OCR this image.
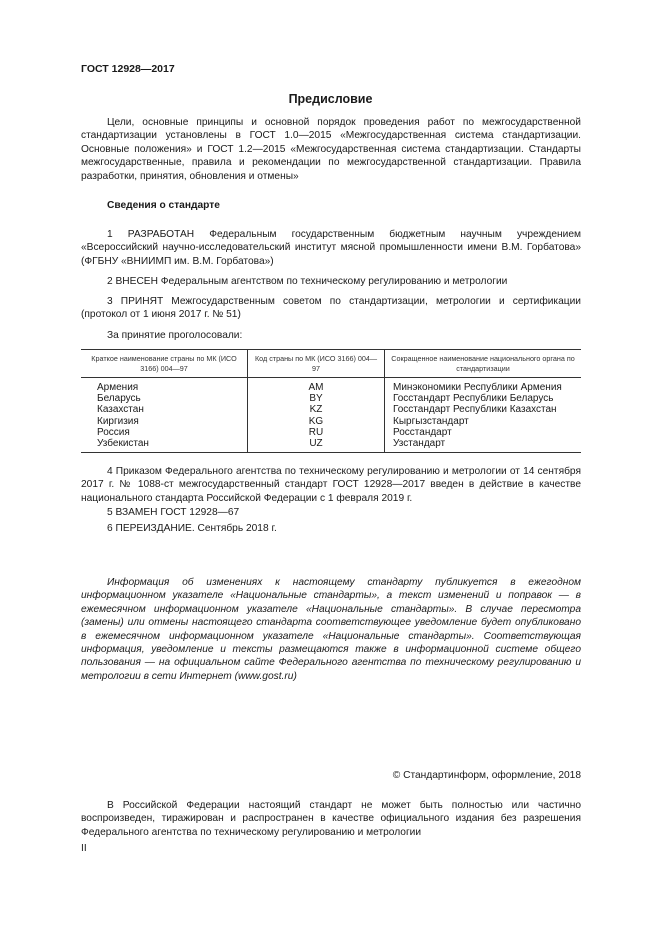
ГОСТ 12928—2017
Предисловие

Цели, основные принципы и основной порядок проведения работ по межгосударственной стандартизации установлены в ГОСТ 1.0—2015 «Межгосударственная система стандартизации. Основные положения» и ГОСТ 1.2—2015 «Межгосударственная система стандартизации. Стандарты межгосударственные, правила и рекомендации по межгосударственной стандартизации. Правила разработки, принятия, обновления и отмены»

Сведения о стандарте

1 РАЗРАБОТАН Федеральным государственным бюджетным научным учреждением «Всероссийский научно-исследовательский институт мясной промышленности имени В.М. Горбатова» (ФГБНУ «ВНИИМП им. В.М. Горбатова»)

2 ВНЕСЕН Федеральным агентством по техническому регулированию и метрологии

3 ПРИНЯТ Межгосударственным советом по стандартизации, метрологии и сертификации (протокол от 1 июня 2017 г. № 51)

За принятие проголосовали:

Краткое наименование страны по МК (ИСО 3166) 004—97	Код страны по МК (ИСО 3166) 004—97	Сокращенное наименование национального органа по стандартизации
Армения	AM	Минэкономики Республики Армения
Беларусь	BY	Госстандарт Республики Беларусь
Казахстан	KZ	Госстандарт Республики Казахстан
Киргизия	KG	Кыргызстандарт
Россия	RU	Росстандарт
Узбекистан	UZ	Узстандарт

4 Приказом Федерального агентства по техническому регулированию и метрологии от 14 сентября 2017 г. № 1088-ст межгосударственный стандарт ГОСТ 12928—2017 введен в действие в качестве национального стандарта Российской Федерации с 1 февраля 2019 г.

5 ВЗАМЕН ГОСТ 12928—67

6 ПЕРЕИЗДАНИЕ. Сентябрь 2018 г.

Информация об изменениях к настоящему стандарту публикуется в ежегодном информационном указателе «Национальные стандарты», а текст изменений и поправок — в ежемесячном информационном указателе «Национальные стандарты». В случае пересмотра (замены) или отмены настоящего стандарта соответствующее уведомление будет опубликовано в ежемесячном информационном указателе «Национальные стандарты». Соответствующая информация, уведомление и тексты размещаются также в информационной системе общего пользования — на официальном сайте Федерального агентства по техническому регулированию и метрологии в сети Интернет (www.gost.ru)

© Стандартинформ, оформление, 2018

В Российской Федерации настоящий стандарт не может быть полностью или частично воспроизведен, тиражирован и распространен в качестве официального издания без разрешения Федерального агентства по техническому регулированию и метрологии

II
